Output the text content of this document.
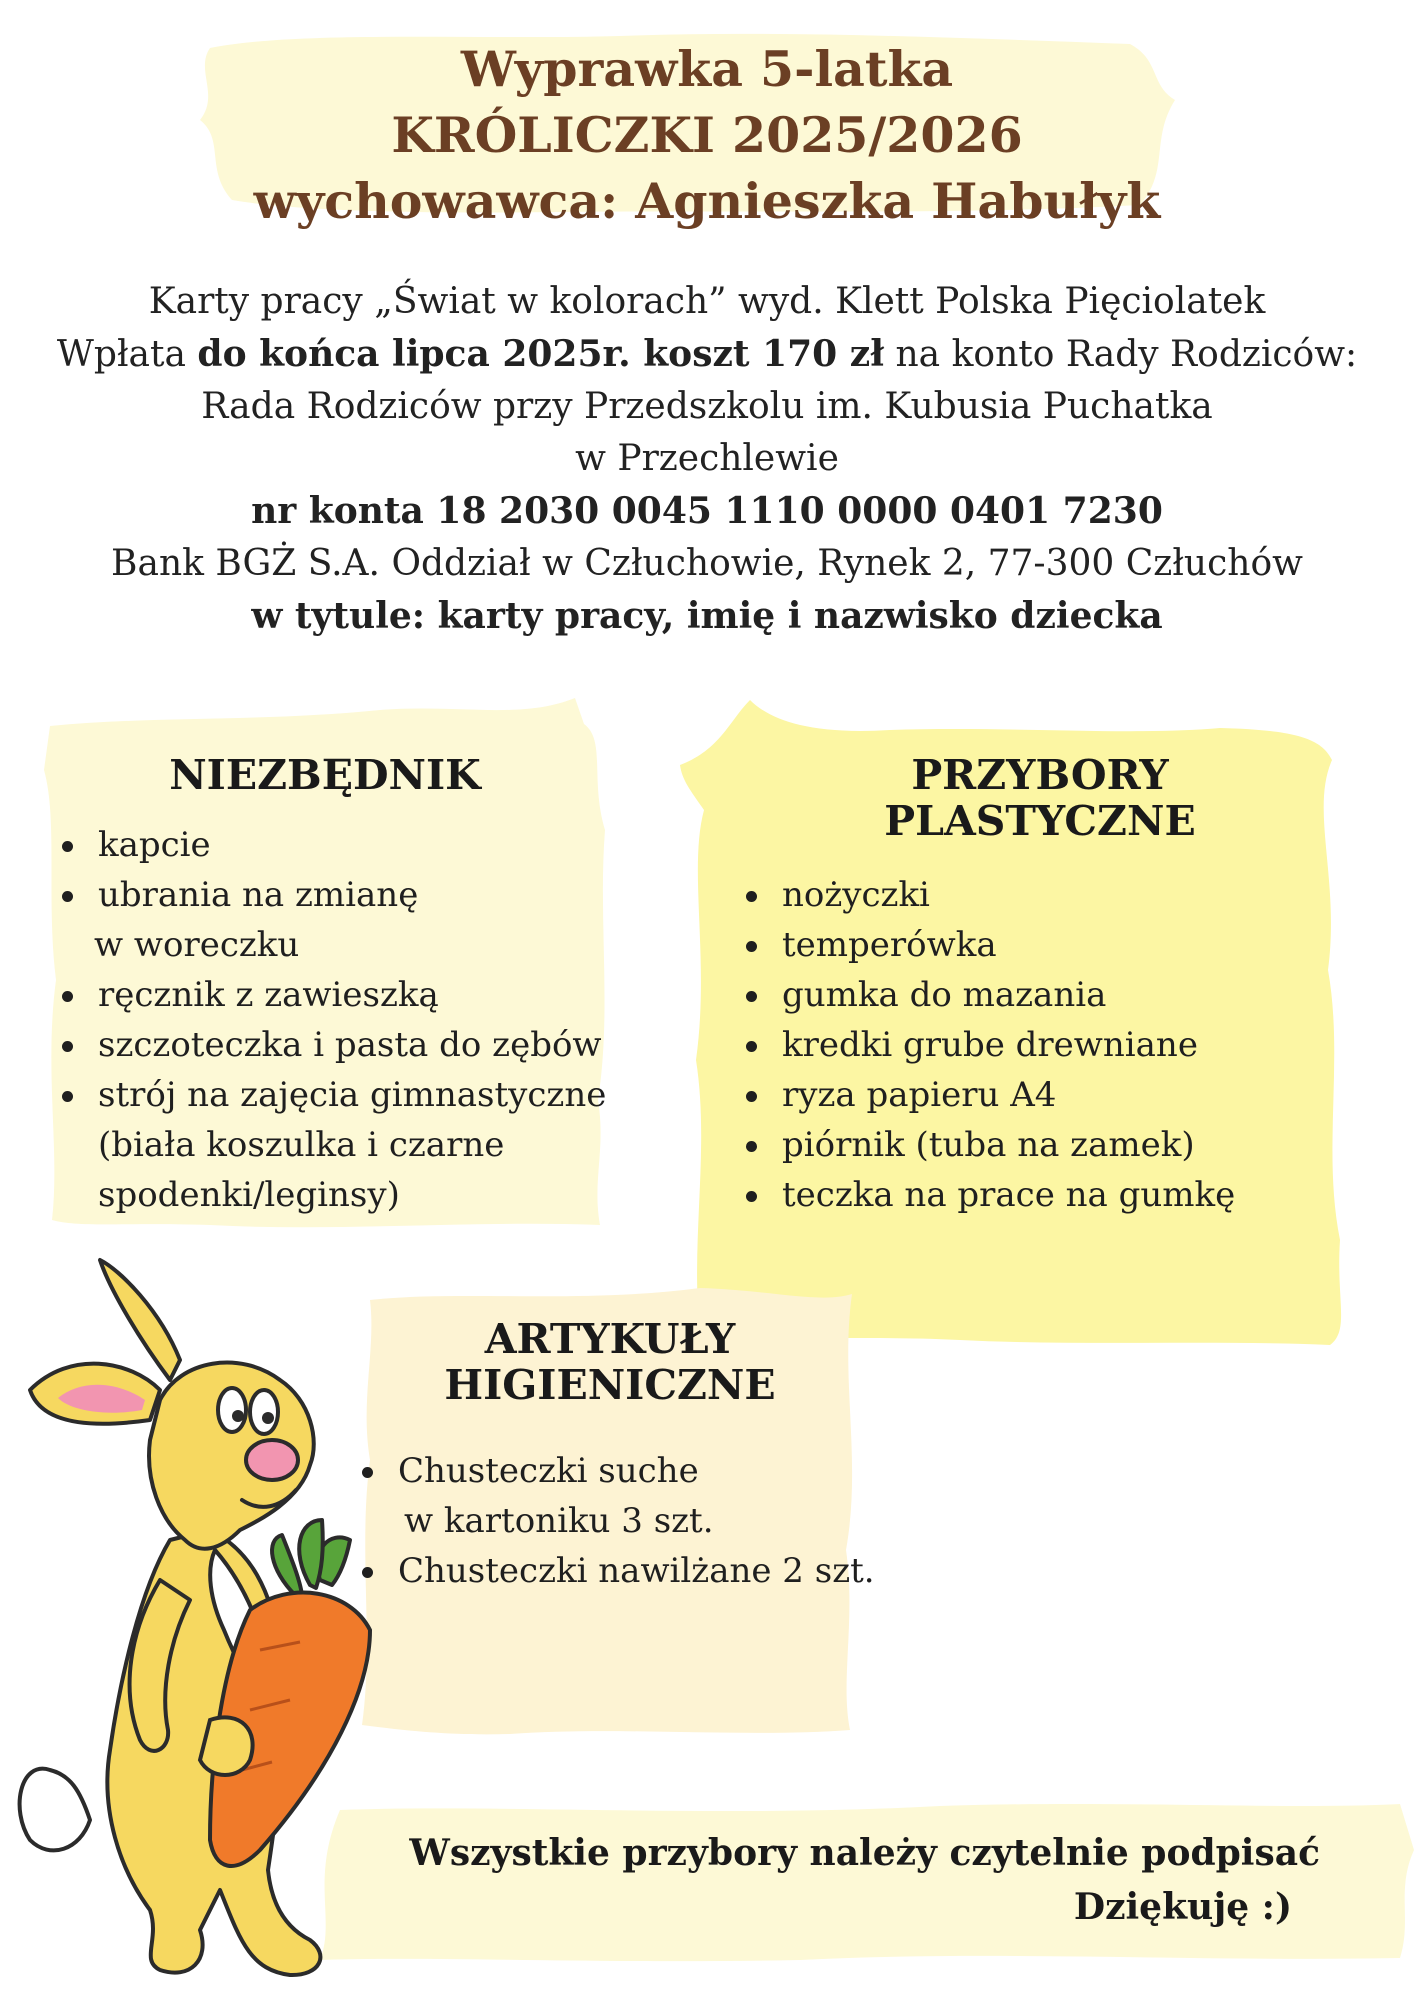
Wyprawka 5-latka
KRÓLICZKI 2025/2026
wychowawca: Agnieszka Habułyk
Karty pracy „Świat w kolorach” wyd. Klett Polska Pięciolatek
Wpłata do końca lipca 2025r. koszt 170 zł na konto Rady Rodziców:
Rada Rodziców przy Przedszkolu im. Kubusia Puchatka
w Przechlewie
nr konta 18 2030 0045 1110 0000 0401 7230
Bank BGŻ S.A. Oddział w Człuchowie, Rynek 2, 77-300 Człuchów
w tytule: karty pracy, imię i nazwisko dziecka
NIEZBĘDNIK
kapcie
ubrania na zmianę
w woreczku
ręcznik z zawieszką
szczoteczka i pasta do zębów
strój na zajęcia gimnastyczne
(biała koszulka i czarne
spodenki/leginsy)
PRZYBORY
PLASTYCZNE
nożyczki
temperówka
gumka do mazania
kredki grube drewniane
ryza papieru A4
piórnik (tuba na zamek)
teczka na prace na gumkę
ARTYKUŁY
HIGIENICZNE
Chusteczki suche
w kartoniku 3 szt.
Chusteczki nawilżane 2 szt.
Wszystkie przybory należy czytelnie podpisać
Dziękuję :)
